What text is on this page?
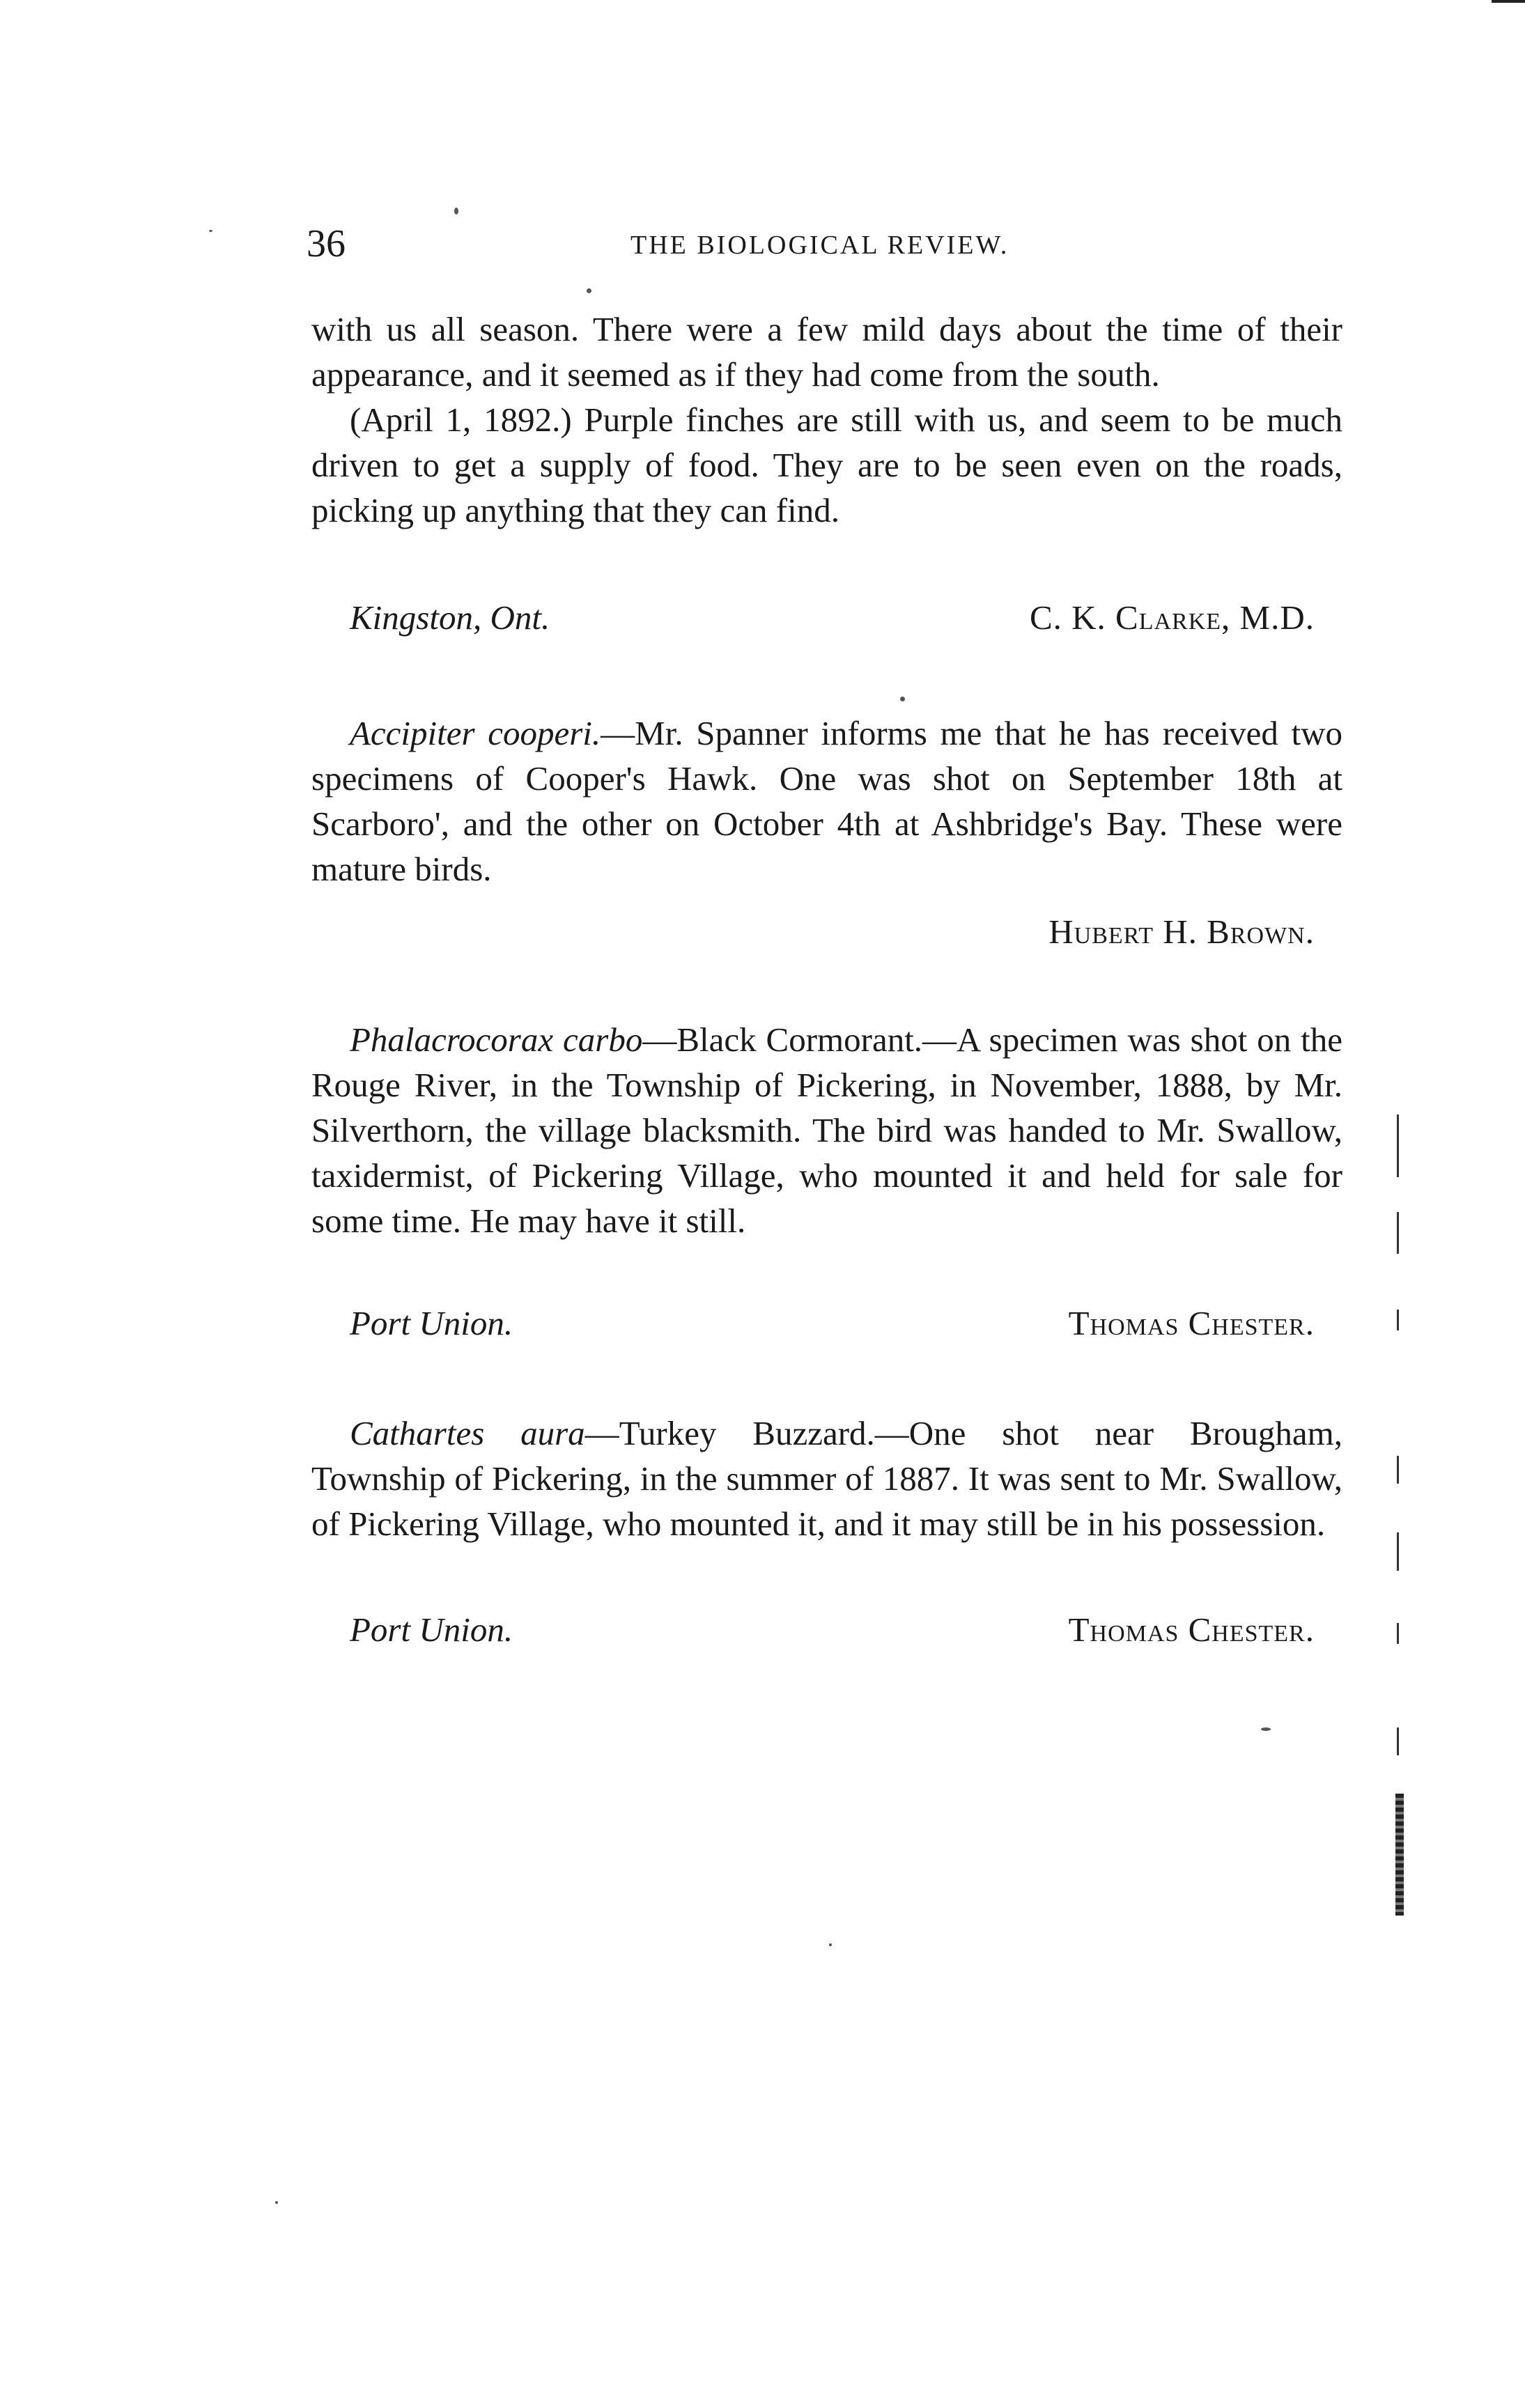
36	THE BIOLOGICAL REVIEW.

with us all season. There were a few mild days about the time of their appearance, and it seemed as if they had come from the south.

(April 1, 1892.) Purple finches are still with us, and seem to be much driven to get a supply of food. They are to be seen even on the roads, picking up anything that they can find.

Kingston, Ont.	C. K. Clarke, M.D.

Accipiter cooperi.—Mr. Spanner informs me that he has received two specimens of Cooper's Hawk. One was shot on September 18th at Scarboro', and the other on October 4th at Ashbridge's Bay. These were mature birds.

Hubert H. Brown.

Phalacrocorax carbo—Black Cormorant.—A specimen was shot on the Rouge River, in the Township of Pickering, in November, 1888, by Mr. Silverthorn, the village blacksmith. The bird was handed to Mr. Swallow, taxidermist, of Pickering Village, who mounted it and held for sale for some time. He may have it still.

Port Union.	Thomas Chester.

Cathartes aura—Turkey Buzzard.—One shot near Brougham, Township of Pickering, in the summer of 1887. It was sent to Mr. Swallow, of Pickering Village, who mounted it, and it may still be in his possession.

Port Union.	Thomas Chester.
